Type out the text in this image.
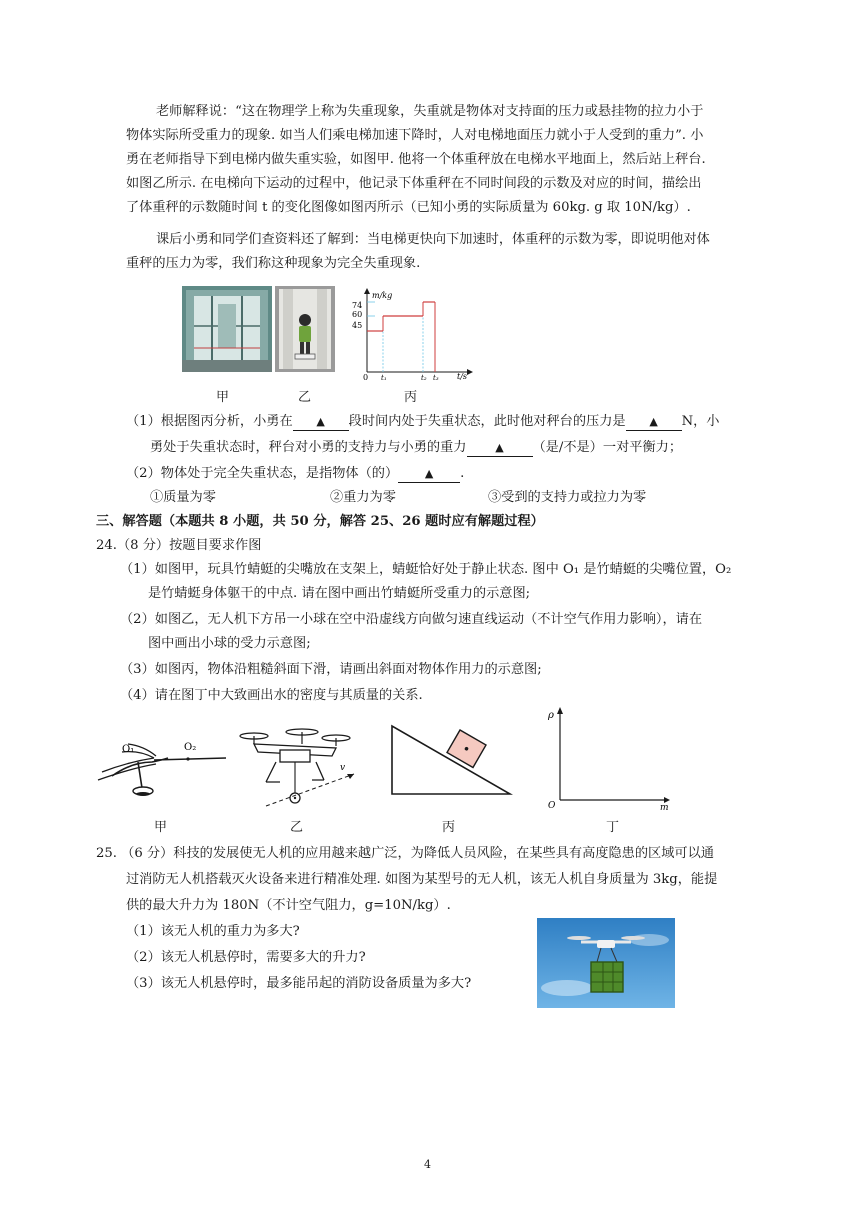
老师解释说：“这在物理学上称为失重现象，失重就是物体对支持面的压力或悬挂物的拉力小于
物体实际所受重力的现象. 如当人们乘电梯加速下降时，人对电梯地面压力就小于人受到的重力”. 小
勇在老师指导下到电梯内做失重实验，如图甲. 他将一个体重秤放在电梯水平地面上，然后站上秤台.
如图乙所示. 在电梯向下运动的过程中，他记录下体重秤在不同时间段的示数及对应的时间，描绘出
了体重秤的示数随时间 t 的变化图像如图丙所示（已知小勇的实际质量为 60kg. g 取 10N/kg）.
课后小勇和同学们查资料还了解到：当电梯更快向下加速时，体重秤的示数为零，即说明他对体
重秤的压力为零，我们称这种现象为完全失重现象.
m/kg
t/s
74
60
45
0 t₁	t₂ t₃
甲	乙	丙
（1）根据图丙分析，小勇在 ▲ 段时间内处于失重状态，此时他对秤台的压力是 ▲ N，小
勇处于失重状态时，秤台对小勇的支持力与小勇的重力	▲ （是/不是）一对平衡力；
（2）物体处于完全失重状态，是指物体（的） ▲ .
①质量为零	②重力为零	③受到的支持力或拉力为零
三、解答题（本题共 8 小题，共 50 分，解答 25、26 题时应有解题过程）
24.（8 分）按题目要求作图
（1）如图甲，玩具竹蜻蜓的尖嘴放在支架上，蜻蜓恰好处于静止状态. 图中 O₁ 是竹蜻蜓的尖嘴位置，O₂
是竹蜻蜓身体躯干的中点. 请在图中画出竹蜻蜓所受重力的示意图;
（2）如图乙，无人机下方吊一小球在空中沿虚线方向做匀速直线运动（不计空气作用力影响），请在
图中画出小球的受力示意图;
（3）如图丙，物体沿粗糙斜面下滑，请画出斜面对物体作用力的示意图;
（4）请在图丁中大致画出水的密度与其质量的关系.
O₁	O₂
v
ρ
m
O
甲	乙	丙	丁
25. （6 分）科技的发展使无人机的应用越来越广泛，为降低人员风险，在某些具有高度隐患的区域可以通
过消防无人机搭载灭火设备来进行精准处理. 如图为某型号的无人机，该无人机自身质量为 3kg，能提
供的最大升力为 180N（不计空气阻力，g=10N/kg）.
（1）该无人机的重力为多大?
（2）该无人机悬停时，需要多大的升力?
（3）该无人机悬停时，最多能吊起的消防设备质量为多大?
4
